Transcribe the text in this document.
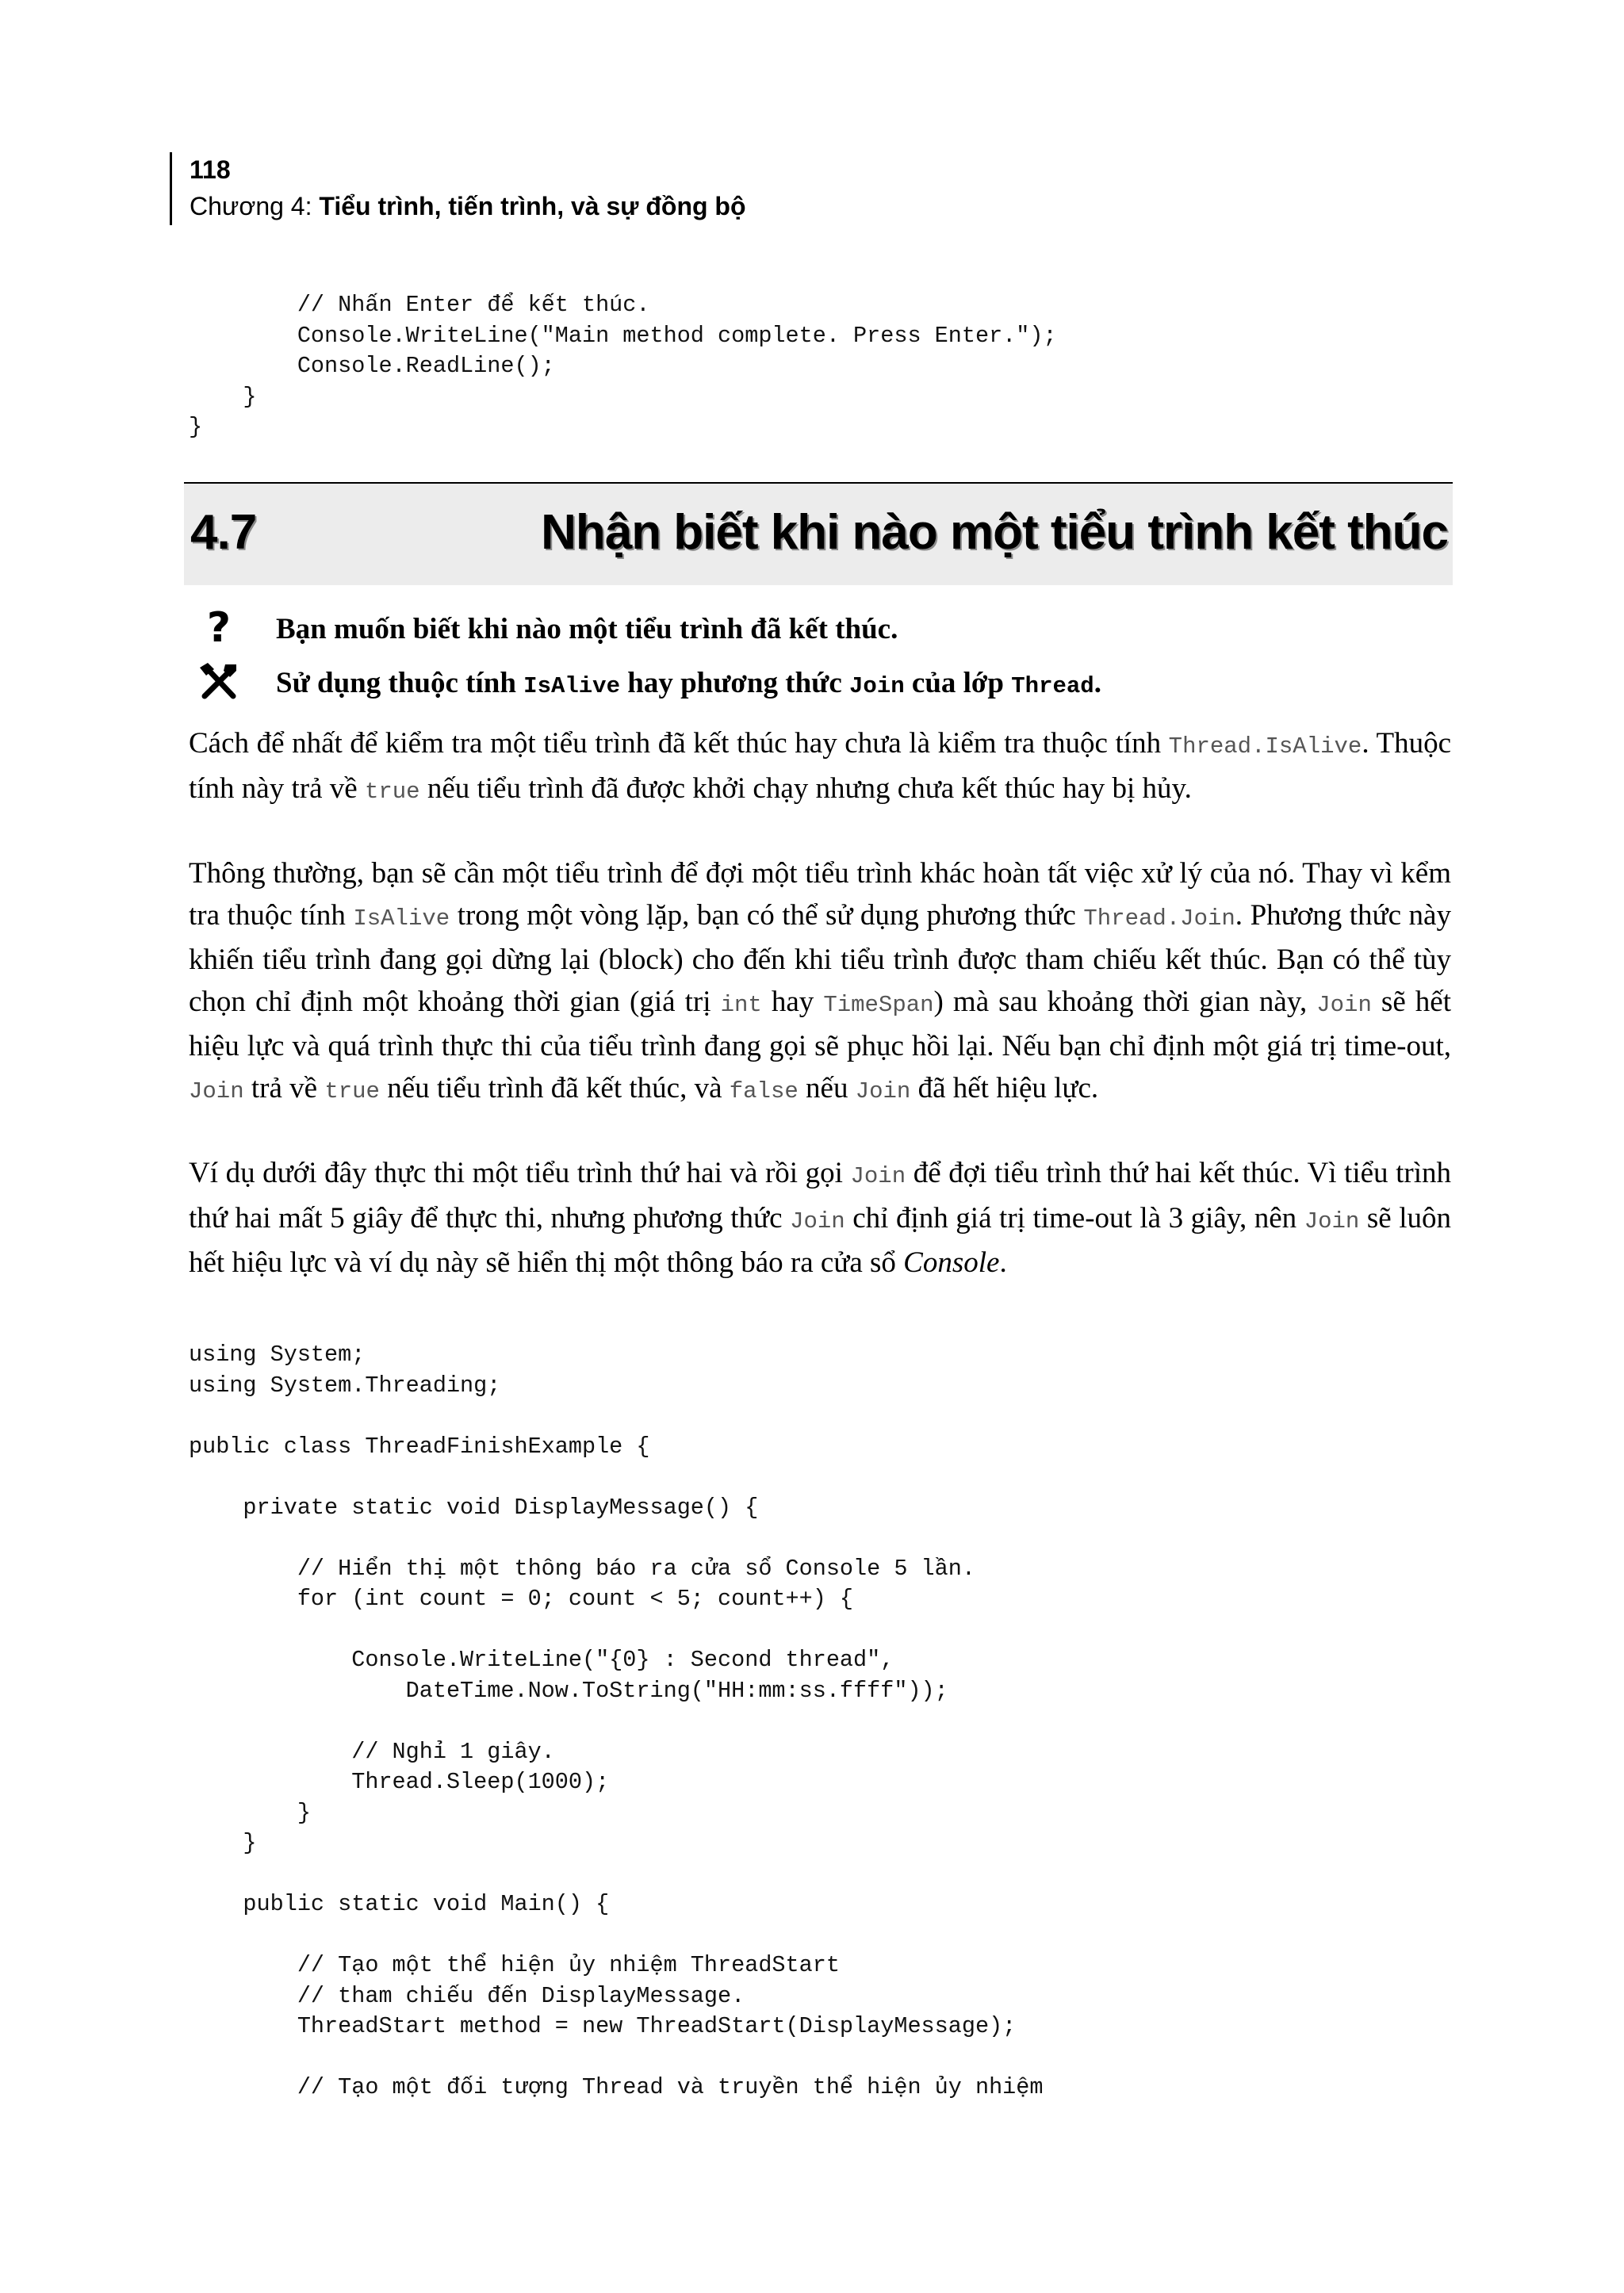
118
Chương 4: Tiểu trình, tiến trình, và sự đồng bộ
// Nhấn Enter để kết thúc.
Console.WriteLine("Main method complete. Press Enter.");
Console.ReadLine();
}
}
4.7	Nhận biết khi nào một tiểu trình kết thúc
?	Bạn muốn biết khi nào một tiểu trình đã kết thúc.
Sử dụng thuộc tính IsAlive hay phương thức Join của lớp Thread.

Cách để nhất để kiểm tra một tiểu trình đã kết thúc hay chưa là kiểm tra thuộc tính Thread.IsAlive. Thuộc tính này trả về true nếu tiểu trình đã được khởi chạy nhưng chưa kết thúc hay bị hủy.

Thông thường, bạn sẽ cần một tiểu trình để đợi một tiểu trình khác hoàn tất việc xử lý của nó. Thay vì kểm tra thuộc tính IsAlive trong một vòng lặp, bạn có thể sử dụng phương thức Thread.Join. Phương thức này khiến tiểu trình đang gọi dừng lại (block) cho đến khi tiểu trình được tham chiếu kết thúc. Bạn có thể tùy chọn chỉ định một khoảng thời gian (giá trị int hay TimeSpan) mà sau khoảng thời gian này, Join sẽ hết hiệu lực và quá trình thực thi của tiểu trình đang gọi sẽ phục hồi lại. Nếu bạn chỉ định một giá trị time-out, Join trả về true nếu tiểu trình đã kết thúc, và false nếu Join đã hết hiệu lực.

Ví dụ dưới đây thực thi một tiểu trình thứ hai và rồi gọi Join để đợi tiểu trình thứ hai kết thúc. Vì tiểu trình thứ hai mất 5 giây để thực thi, nhưng phương thức Join chỉ định giá trị time-out là 3 giây, nên Join sẽ luôn hết hiệu lực và ví dụ này sẽ hiển thị một thông báo ra cửa sổ Console.

using System;
using System.Threading;
public class ThreadFinishExample {
private static void DisplayMessage() {
// Hiển thị một thông báo ra cửa sổ Console 5 lần.
for (int count = 0; count < 5; count++) {
Console.WriteLine("{0} : Second thread",
DateTime.Now.ToString("HH:mm:ss.ffff"));
// Nghỉ 1 giây.
Thread.Sleep(1000);
}
}
public static void Main() {
// Tạo một thể hiện ủy nhiệm ThreadStart
// tham chiếu đến DisplayMessage.
ThreadStart method = new ThreadStart(DisplayMessage);
// Tạo một đối tượng Thread và truyền thể hiện ủy nhiệm
